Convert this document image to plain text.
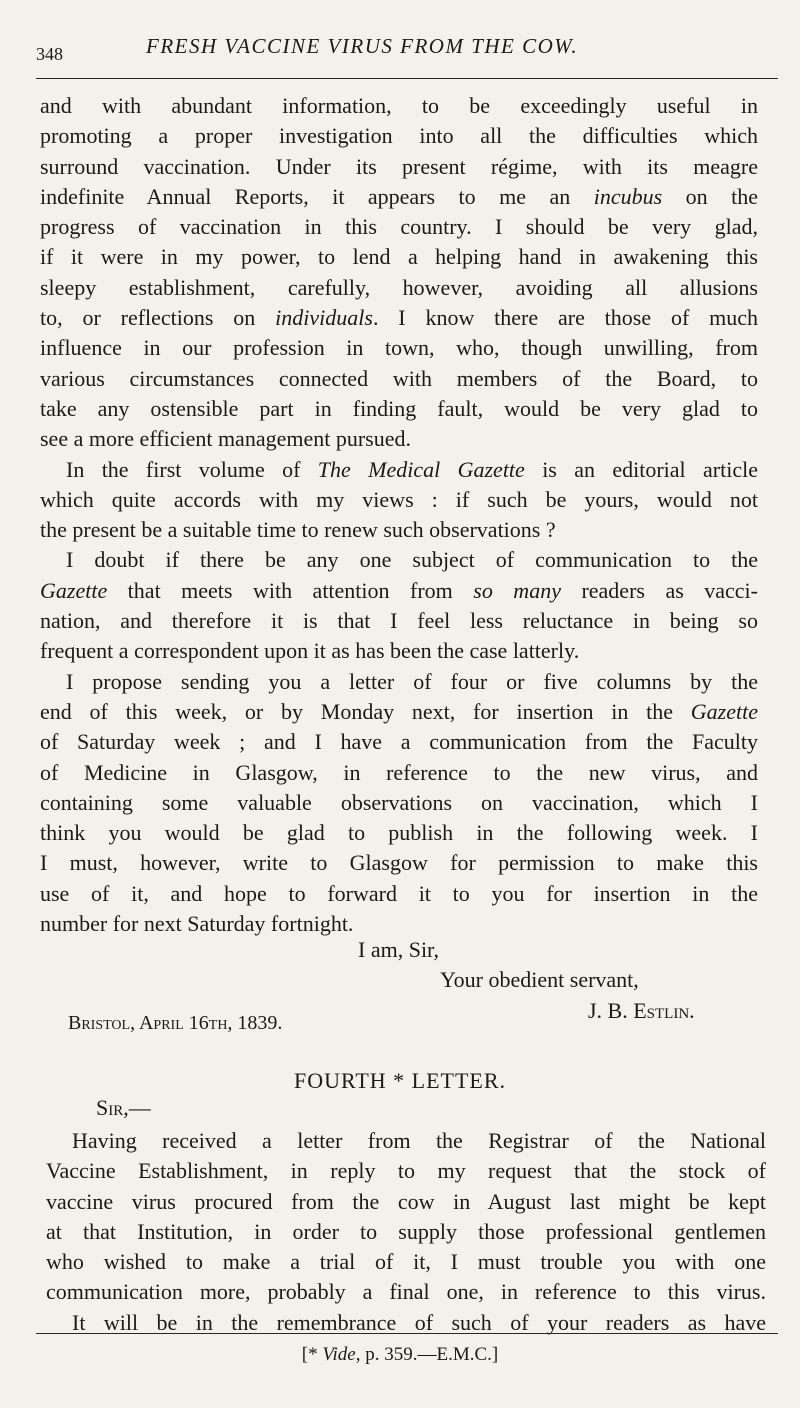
348	FRESH VACCINE VIRUS FROM THE COW.
and with abundant information, to be exceedingly useful in
promoting a proper investigation into all the difficulties which
surround vaccination. Under its present régime, with its meagre
indefinite Annual Reports, it appears to me an incubus on the
progress of vaccination in this country. I should be very glad,
if it were in my power, to lend a helping hand in awakening this
sleepy establishment, carefully, however, avoiding all allusions
to, or reflections on individuals. I know there are those of much
influence in our profession in town, who, though unwilling, from
various circumstances connected with members of the Board, to
take any ostensible part in finding fault, would be very glad to
see a more efficient management pursued.
In the first volume of The Medical Gazette is an editorial article
which quite accords with my views : if such be yours, would not
the present be a suitable time to renew such observations ?
I doubt if there be any one subject of communication to the
Gazette that meets with attention from so many readers as vacci-
nation, and therefore it is that I feel less reluctance in being so
frequent a correspondent upon it as has been the case latterly.
I propose sending you a letter of four or five columns by the
end of this week, or by Monday next, for insertion in the Gazette
of Saturday week ; and I have a communication from the Faculty
of Medicine in Glasgow, in reference to the new virus, and
containing some valuable observations on vaccination, which I
think you would be glad to publish in the following week. I
I must, however, write to Glasgow for permission to make this
use of it, and hope to forward it to you for insertion in the
number for next Saturday fortnight.
I am, Sir,
Your obedient servant,
J. B. Estlin.
Bristol, April 16th, 1839.
FOURTH * LETTER.
Sir,—
Having received a letter from the Registrar of the National
Vaccine Establishment, in reply to my request that the stock of
vaccine virus procured from the cow in August last might be kept
at that Institution, in order to supply those professional gentlemen
who wished to make a trial of it, I must trouble you with one
communication more, probably a final one, in reference to this virus.
It will be in the remembrance of such of your readers as have
[* Vide, p. 359.—E.M.C.]
